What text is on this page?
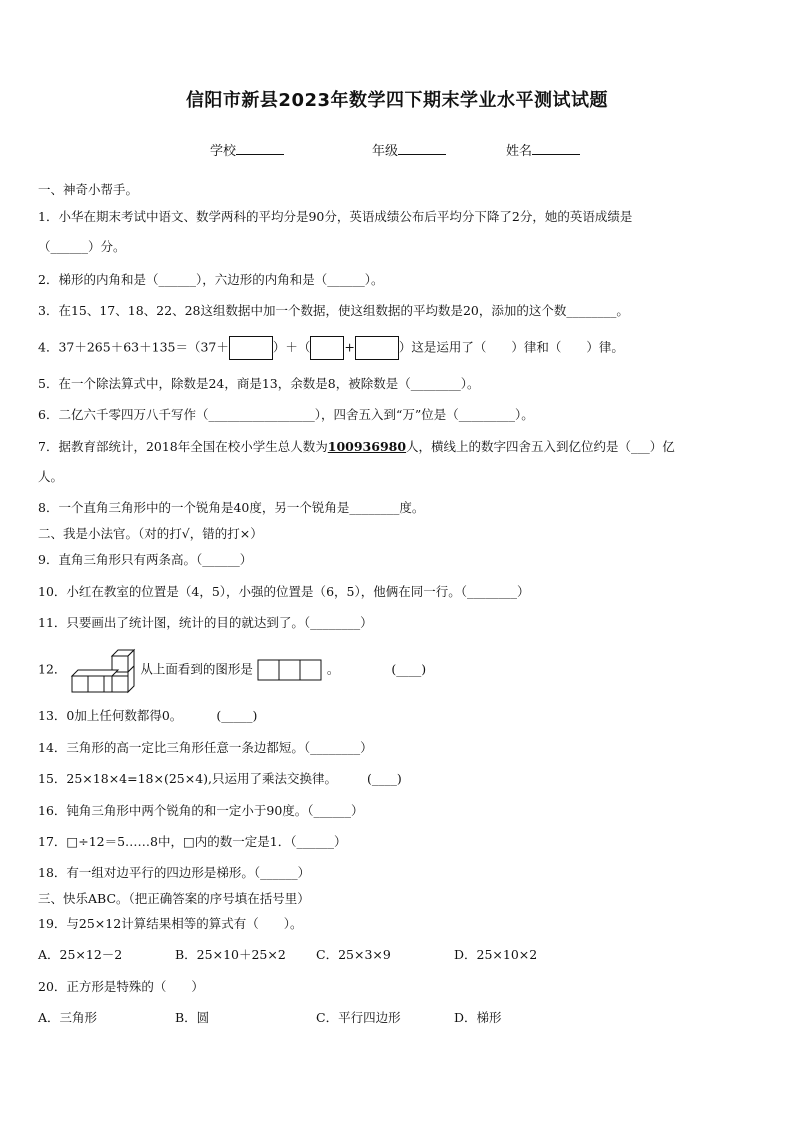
信阳市新县2023年数学四下期末学业水平测试试题
学校	年级	姓名
一、神奇小帮手。
1．小华在期末考试中语文、数学两科的平均分是90分，英语成绩公布后平均分下降了2分，她的英语成绩是
（______）分。
2．梯形的内角和是（______），六边形的内角和是（______）。
3．在15、17、18、22、28这组数据中加一个数据，使这组数据的平均数是20，添加的这个数________。
4．37＋265＋63＋135＝（37＋	）＋（	+	）这是运用了（　　）律和（　　）律。
5．在一个除法算式中，除数是24，商是13，余数是8，被除数是（________）。
6．二亿六千零四万八千写作（_________________），四舍五入到“万”位是（_________）。
7．据教育部统计，2018年全国在校小学生总人数为100936980人，横线上的数字四舍五入到亿位约是（___）亿
人。
8．一个直角三角形中的一个锐角是40度，另一个锐角是________度。
二、我是小法官。（对的打√，错的打×）
9．直角三角形只有两条高。（______）
10．小红在教室的位置是（4，5），小强的位置是（6，5），他俩在同一行。（________）
11．只要画出了统计图，统计的目的就达到了。（________）
12．	从上面看到的图形是	。	(____)
13．0加上任何数都得0。	(_____)
14．三角形的高一定比三角形任意一条边都短。（________）
15．25×18×4=18×(25×4),只运用了乘法交换律。 (____)
16．钝角三角形中两个锐角的和一定小于90度。（______）
17．□÷12＝5……8中，□内的数一定是1．（______）
18．有一组对边平行的四边形是梯形。（______）
三、快乐ABC。（把正确答案的序号填在括号里）
19．与25×12计算结果相等的算式有（　　）。
A．25×12－2	B．25×10＋25×2 C．25×3×9	D．25×10×2
20．正方形是特殊的（　　）
A．三角形	B．圆	C．平行四边形	D．梯形
